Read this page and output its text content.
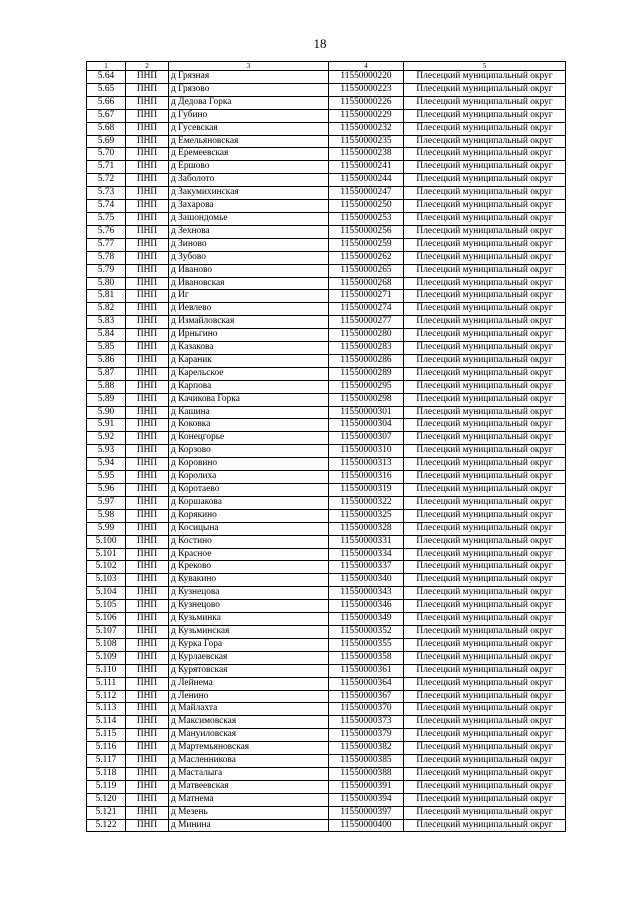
18
1	2	3	4	5
5.64	ПНП	д Грязная	11550000220	Плесецкий муниципальный округ
5.65	ПНП	д Грязово	11550000223	Плесецкий муниципальный округ
5.66	ПНП	д Дедова Горка	11550000226	Плесецкий муниципальный округ
5.67	ПНП	д Губино	11550000229	Плесецкий муниципальный округ
5.68	ПНП	д Гусевская	11550000232	Плесецкий муниципальный округ
5.69	ПНП	д Емельяновская	11550000235	Плесецкий муниципальный округ
5.70	ПНП	д Еремеевская	11550000238	Плесецкий муниципальный округ
5.71	ПНП	д Ершово	11550000241	Плесецкий муниципальный округ
5.72	ПНП	д Заболото	11550000244	Плесецкий муниципальный округ
5.73	ПНП	д Закумихинская	11550000247	Плесецкий муниципальный округ
5.74	ПНП	д Захарова	11550000250	Плесецкий муниципальный округ
5.75	ПНП	д Зашондомье	11550000253	Плесецкий муниципальный округ
5.76	ПНП	д Зехнова	11550000256	Плесецкий муниципальный округ
5.77	ПНП	д Зиново	11550000259	Плесецкий муниципальный округ
5.78	ПНП	д Зубово	11550000262	Плесецкий муниципальный округ
5.79	ПНП	д Иваново	11550000265	Плесецкий муниципальный округ
5.80	ПНП	д Ивановская	11550000268	Плесецкий муниципальный округ
5.81	ПНП	д Иг	11550000271	Плесецкий муниципальный округ
5.82	ПНП	д Иевлево	11550000274	Плесецкий муниципальный округ
5.83	ПНП	д Измайловская	11550000277	Плесецкий муниципальный округ
5.84	ПНП	д Ирньгино	11550000280	Плесецкий муниципальный округ
5.85	ПНП	д Казакова	11550000283	Плесецкий муниципальный округ
5.86	ПНП	д Караник	11550000286	Плесецкий муниципальный округ
5.87	ПНП	д Карельское	11550000289	Плесецкий муниципальный округ
5.88	ПНП	д Карпова	11550000295	Плесецкий муниципальный округ
5.89	ПНП	д Качикова Горка	11550000298	Плесецкий муниципальный округ
5.90	ПНП	д Кашина	11550000301	Плесецкий муниципальный округ
5.91	ПНП	д Коковка	11550000304	Плесецкий муниципальный округ
5.92	ПНП	д Конецгорье	11550000307	Плесецкий муниципальный округ
5.93	ПНП	д Корзово	11550000310	Плесецкий муниципальный округ
5.94	ПНП	д Коровино	11550000313	Плесецкий муниципальный округ
5.95	ПНП	д Королиха	11550000316	Плесецкий муниципальный округ
5.96	ПНП	д Коротаево	11550000319	Плесецкий муниципальный округ
5.97	ПНП	д Коршакова	11550000322	Плесецкий муниципальный округ
5.98	ПНП	д Корякино	11550000325	Плесецкий муниципальный округ
5.99	ПНП	д Косицына	11550000328	Плесецкий муниципальный округ
5.100	ПНП	д Костино	11550000331	Плесецкий муниципальный округ
5.101	ПНП	д Красное	11550000334	Плесецкий муниципальный округ
5.102	ПНП	д Креково	11550000337	Плесецкий муниципальный округ
5.103	ПНП	д Кувакино	11550000340	Плесецкий муниципальный округ
5.104	ПНП	д Кузнецова	11550000343	Плесецкий муниципальный округ
5.105	ПНП	д Кузнецово	11550000346	Плесецкий муниципальный округ
5.106	ПНП	д Кузьминка	11550000349	Плесецкий муниципальный округ
5.107	ПНП	д Кузьминская	11550000352	Плесецкий муниципальный округ
5.108	ПНП	д Курка Гора	11550000355	Плесецкий муниципальный округ
5.109	ПНП	д Курлаевская	11550000358	Плесецкий муниципальный округ
5.110	ПНП	д Курятовская	11550000361	Плесецкий муниципальный округ
5.111	ПНП	д Лейнема	11550000364	Плесецкий муниципальный округ
5.112	ПНП	д Ленино	11550000367	Плесецкий муниципальный округ
5.113	ПНП	д Майлахта	11550000370	Плесецкий муниципальный округ
5.114	ПНП	д Максимовская	11550000373	Плесецкий муниципальный округ
5.115	ПНП	д Мануиловская	11550000379	Плесецкий муниципальный округ
5.116	ПНП	д Мартемьяновская	11550000382	Плесецкий муниципальный округ
5.117	ПНП	д Масленникова	11550000385	Плесецкий муниципальный округ
5.118	ПНП	д Масталыга	11550000388	Плесецкий муниципальный округ
5.119	ПНП	д Матвеевская	11550000391	Плесецкий муниципальный округ
5.120	ПНП	д Матнема	11550000394	Плесецкий муниципальный округ
5.121	ПНП	д Мезень	11550000397	Плесецкий муниципальный округ
5.122	ПНП	д Минина	11550000400	Плесецкий муниципальный округ
